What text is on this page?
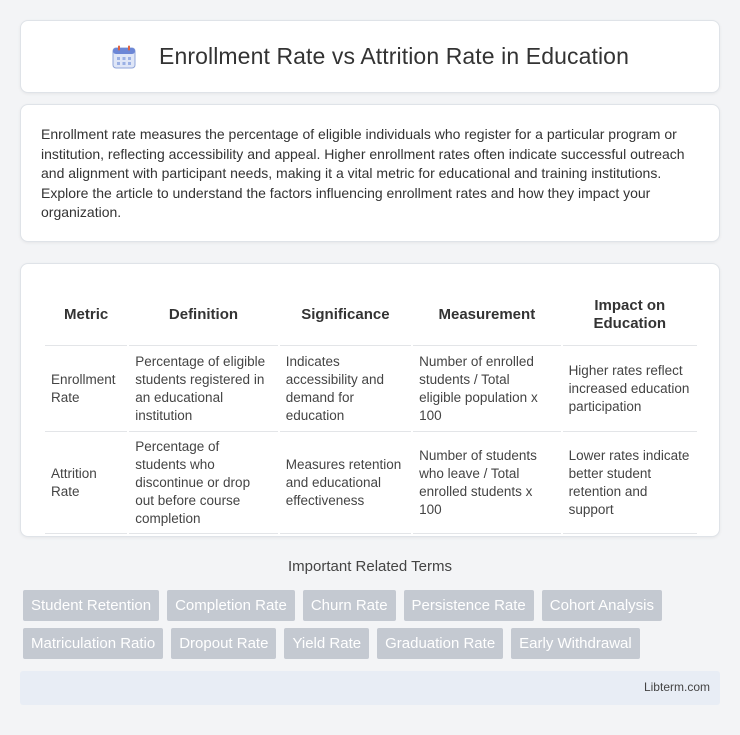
Enrollment Rate vs Attrition Rate in Education

Enrollment rate measures the percentage of eligible individuals who register for a particular program or institution, reflecting accessibility and appeal. Higher enrollment rates often indicate successful outreach and alignment with participant needs, making it a vital metric for educational and training institutions. Explore the article to understand the factors influencing enrollment rates and how they impact your organization.

Metric	Definition	Significance	Measurement	Impact on Education
Enrollment Rate	Percentage of eligible students registered in an educational institution	Indicates accessibility and demand for education	Number of enrolled students / Total eligible population x 100	Higher rates reflect increased education participation
Attrition Rate	Percentage of students who discontinue or drop out before course completion	Measures retention and educational effectiveness	Number of students who leave / Total enrolled students x 100	Lower rates indicate better student retention and support
Important Related Terms
Student Retention	Completion Rate	Churn Rate	Persistence Rate	Cohort Analysis
Matriculation Ratio	Dropout Rate	Yield Rate	Graduation Rate	Early Withdrawal
Libterm.com
